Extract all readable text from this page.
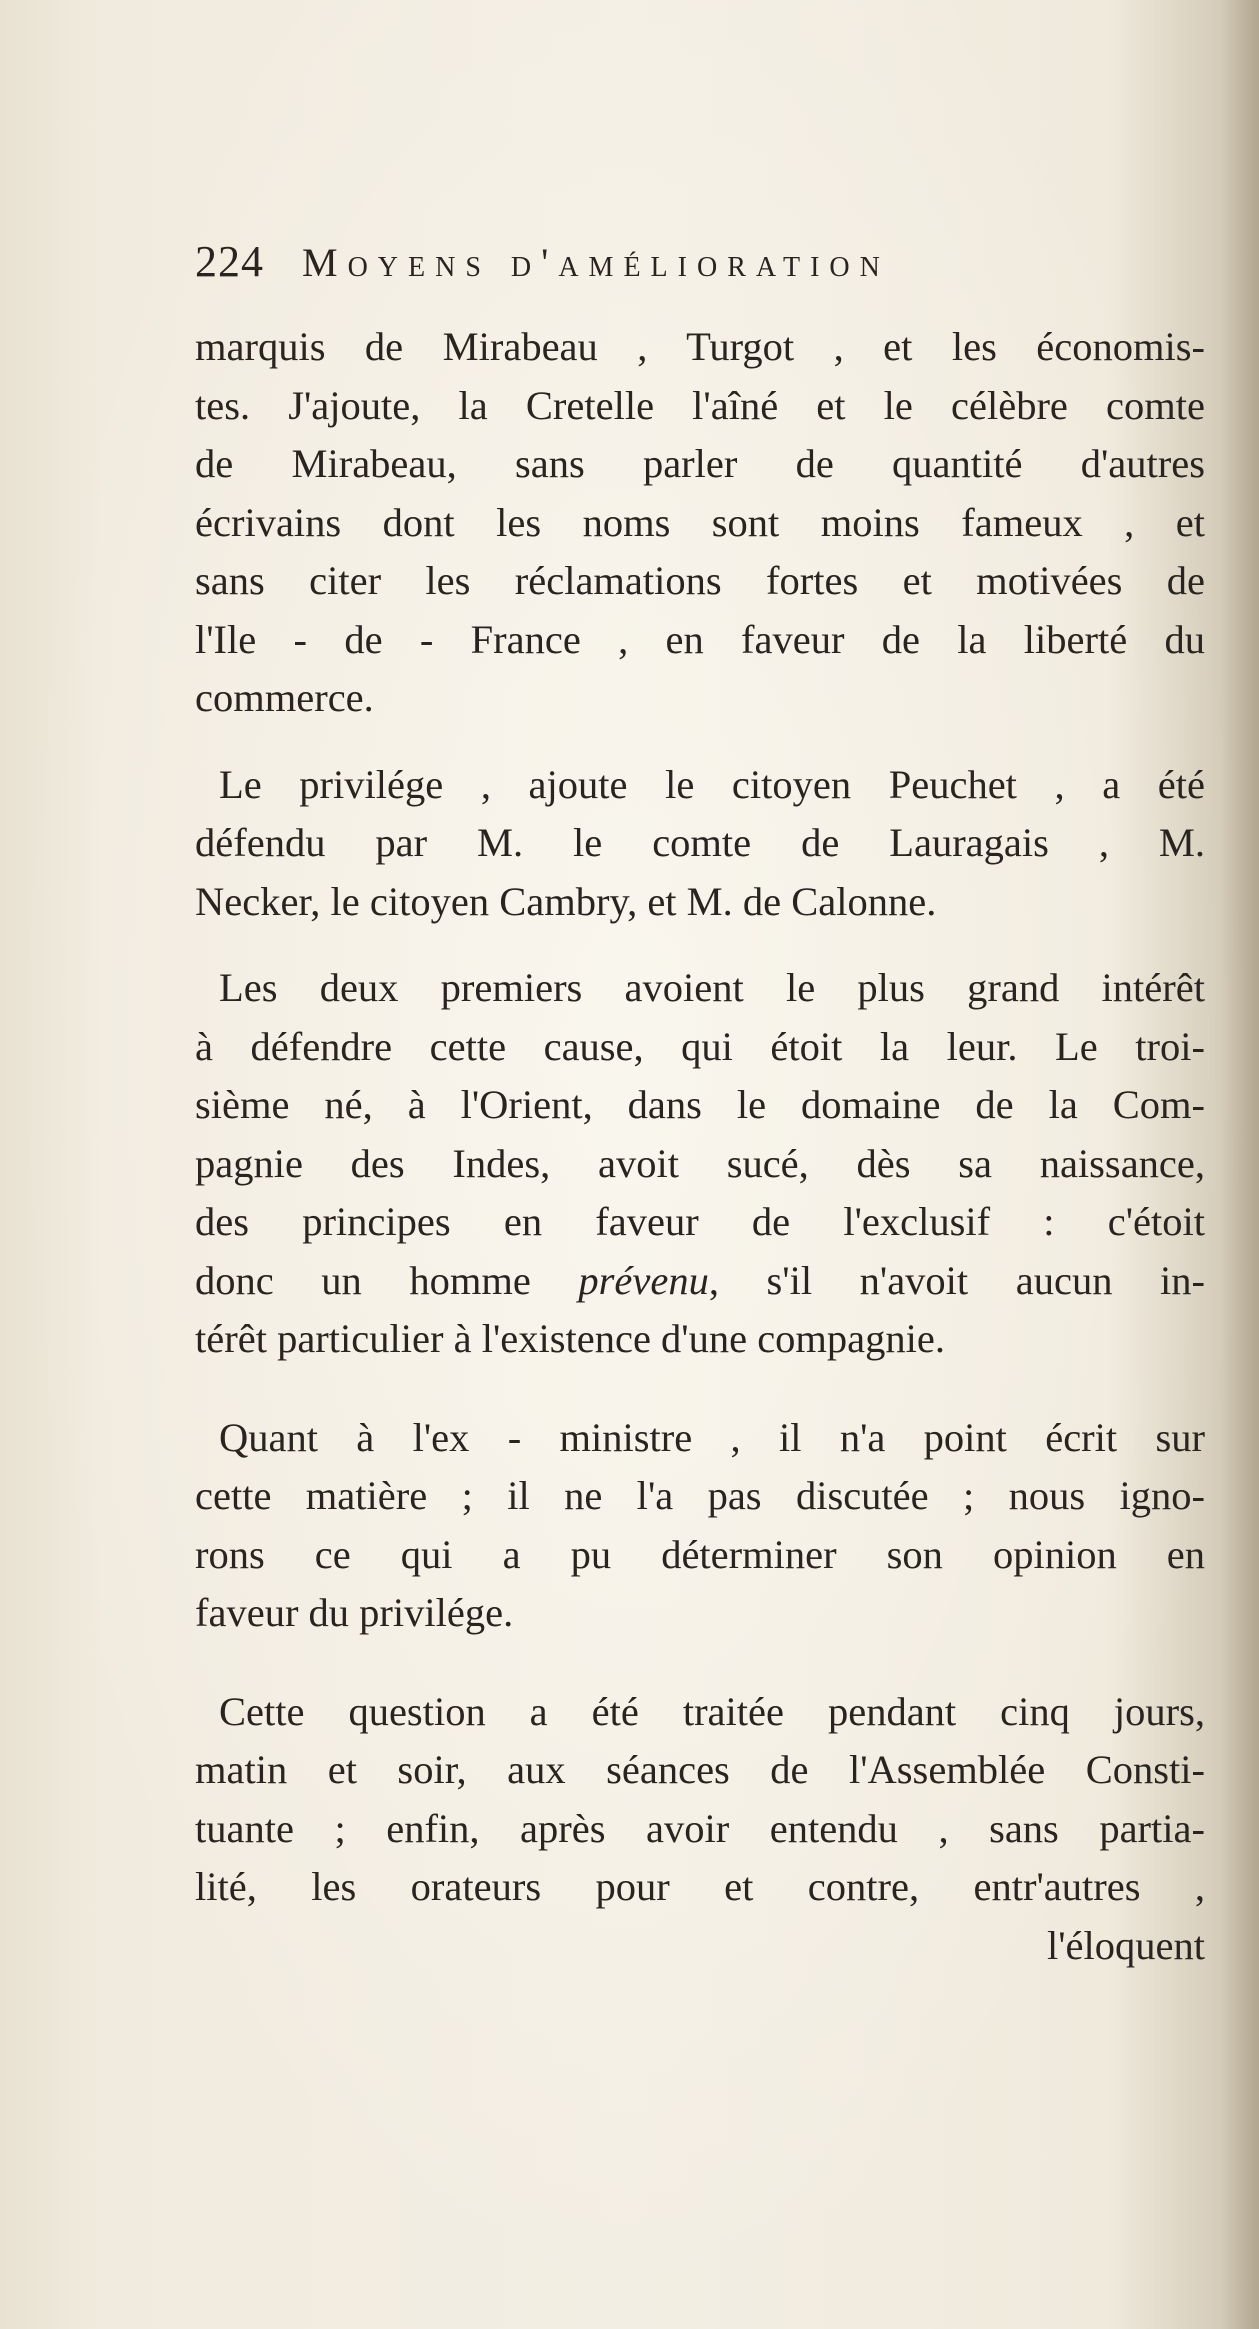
224 Moyens d'amélioration
marquis de Mirabeau , Turgot , et les économis-
tes. J'ajoute, la Cretelle l'aîné et le célèbre comte
de Mirabeau, sans parler de quantité d'autres
écrivains dont les noms sont moins fameux , et
sans citer les réclamations fortes et motivées de
l'Ile - de - France , en faveur de la liberté du
commerce.
Le privilége , ajoute le citoyen Peuchet , a été
défendu par M. le comte de Lauragais , M.
Necker, le citoyen Cambry, et M. de Calonne.
Les deux premiers avoient le plus grand intérêt
à défendre cette cause, qui étoit la leur. Le troi-
sième né, à l'Orient, dans le domaine de la Com-
pagnie des Indes, avoit sucé, dès sa naissance,
des principes en faveur de l'exclusif : c'étoit
donc un homme prévenu, s'il n'avoit aucun in-
térêt particulier à l'existence d'une compagnie.
Quant à l'ex - ministre , il n'a point écrit sur
cette matière ; il ne l'a pas discutée ; nous igno-
rons ce qui a pu déterminer son opinion en
faveur du privilége.
Cette question a été traitée pendant cinq jours,
matin et soir, aux séances de l'Assemblée Consti-
tuante ; enfin, après avoir entendu , sans partia-
lité, les orateurs pour et contre, entr'autres ,
l'éloquent
